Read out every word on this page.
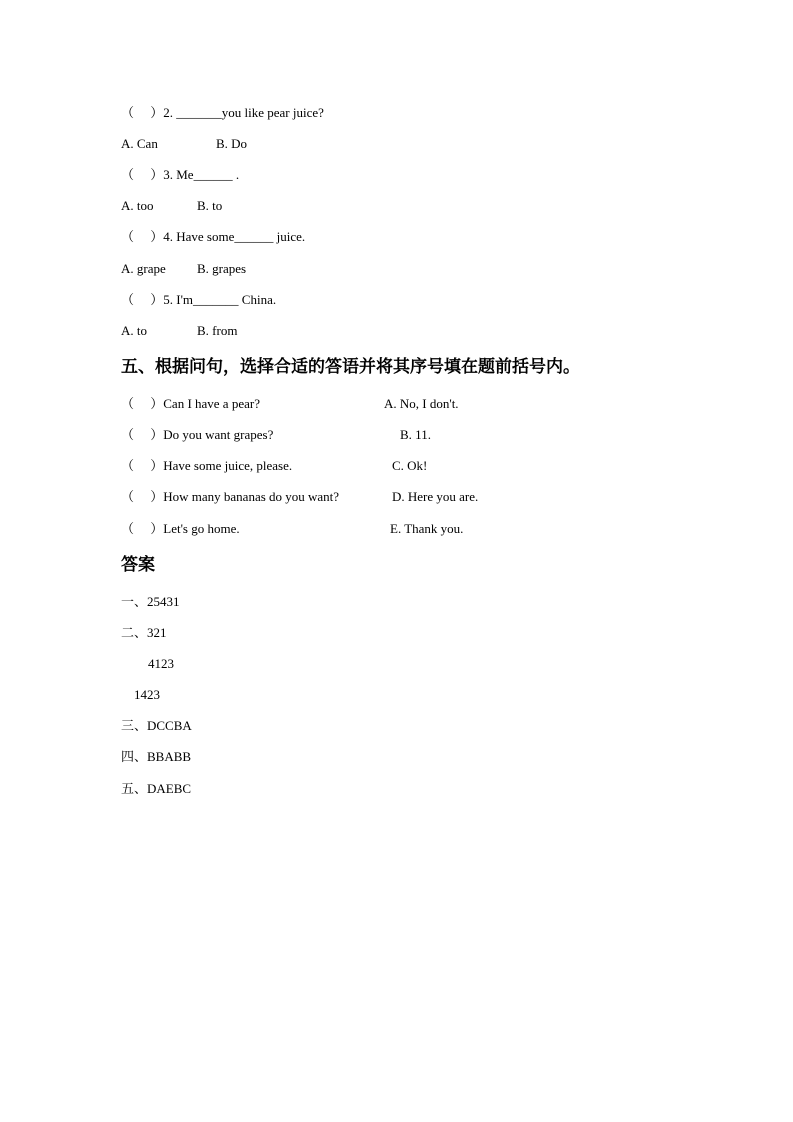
（　 ）2. _______you like pear juice?
A. Can	B. Do
（　 ）3. Me______ .
A. too	B. to
（　 ）4. Have some______ juice.
A. grape B. grapes
（　 ）5. I'm_______ China.
A. to	B. from
五、根据问句，选择合适的答语并将其序号填在题前括号内。
（　 ）Can I have a pear?	A. No, I don't.
（　 ）Do you want grapes?	B. 11.
（　 ）Have some juice, please.	C. Ok!
（　 ）How many bananas do you want?	D. Here you are.
（　 ）Let's go home.	E. Thank you.
答案
一、25431
二、321
4123
1423
三、DCCBA
四、BBABB
五、DAEBC
